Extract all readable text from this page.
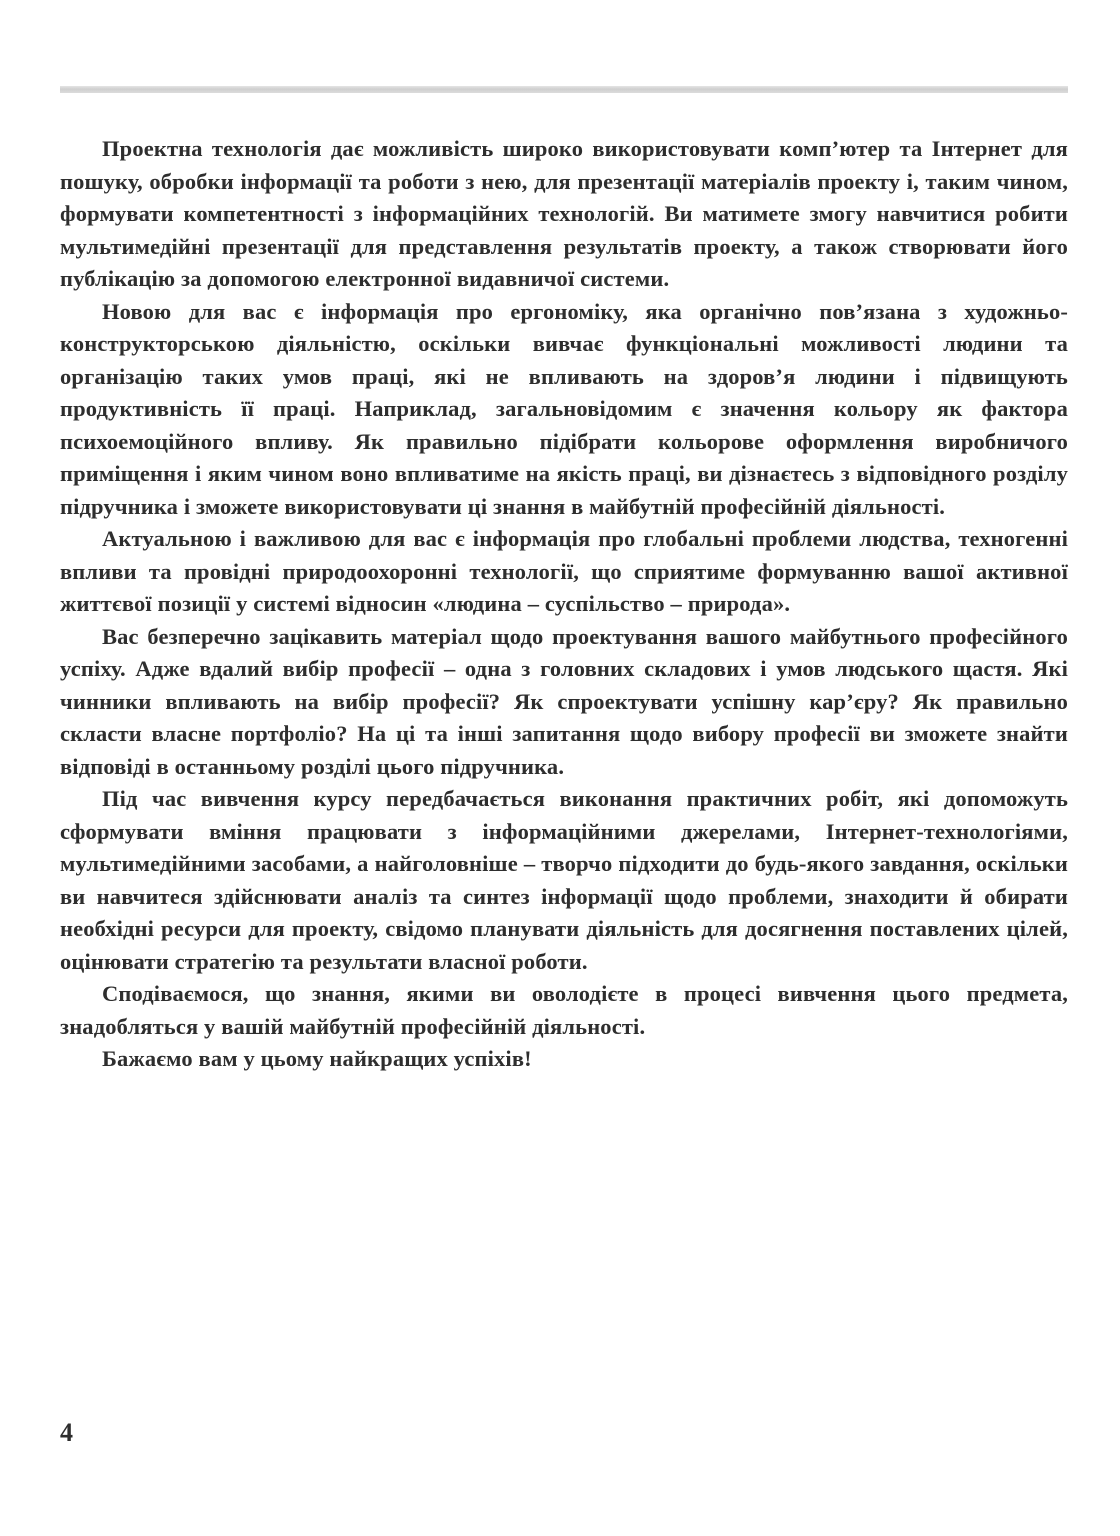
Проектна технологія дає можливість широко використовувати комп’ютер та Інтернет для пошуку, обробки інформації та роботи з нею, для презентації матеріалів проекту і, таким чином, формувати компетентності з інформаційних технологій. Ви матимете змогу навчитися робити мультимедійні презентації для представлення результатів проекту, а також створювати його публікацію за допомогою електронної видавничої системи.

Новою для вас є інформація про ергономіку, яка органічно пов’язана з художньо-конструкторською діяльністю, оскільки вивчає функціональні можливості людини та організацію таких умов праці, які не впливають на здоров’я людини і підвищують продуктивність її праці. Наприклад, загальновідомим є значення кольору як фактора психоемоційного впливу. Як правильно підібрати кольорове оформлення виробничого приміщення і яким чином воно впливатиме на якість праці, ви дізнаєтесь з відповідного розділу підручника і зможете використовувати ці знання в майбутній професійній діяльності.

Актуальною і важливою для вас є інформація про глобальні проблеми людства, техногенні впливи та провідні природоохоронні технології, що сприятиме формуванню вашої активної життєвої позиції у системі відносин «людина – суспільство – природа».

Вас безперечно зацікавить матеріал щодо проектування вашого майбутнього професійного успіху. Адже вдалий вибір професії – одна з головних складових і умов людського щастя. Які чинники впливають на вибір професії? Як спроектувати успішну кар’єру? Як правильно скласти власне портфоліо? На ці та інші запитання щодо вибору професії ви зможете знайти відповіді в останньому розділі цього підручника.

Під час вивчення курсу передбачається виконання практичних робіт, які допоможуть сформувати вміння працювати з інформаційними джерелами, Інтернет-технологіями, мультимедійними засобами, а найголовніше – творчо підходити до будь-якого завдання, оскільки ви навчитеся здійснювати аналіз та синтез інформації щодо проблеми, знаходити й обирати необхідні ресурси для проекту, свідомо планувати діяльність для досягнення поставлених цілей, оцінювати стратегію та результати власної роботи.

Сподіваємося, що знання, якими ви оволодієте в процесі вивчення цього предмета, знадобляться у вашій майбутній професійній діяльності.

Бажаємо вам у цьому найкращих успіхів!

4
